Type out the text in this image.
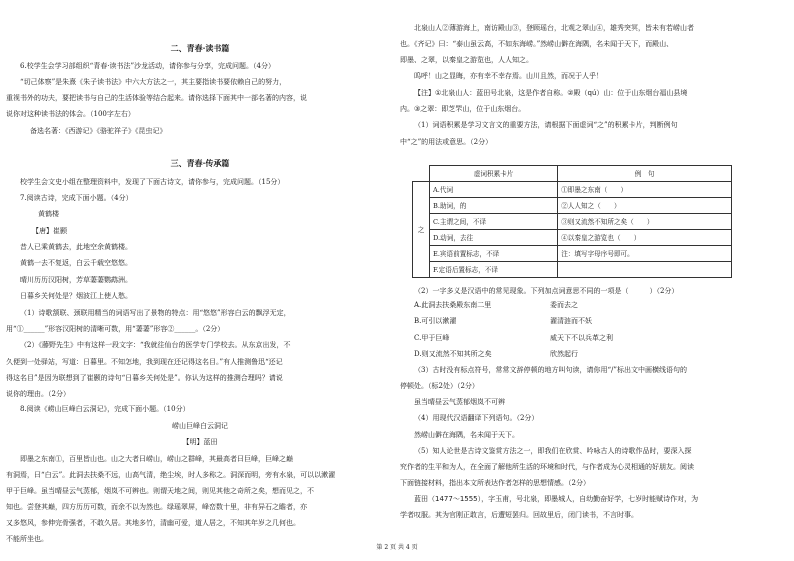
二、青春·读书篇
6.校学生会学习部组织“青春·读书法”沙龙活动，请你参与分享，完成问题。（4分）
“切己体察”是朱熹《朱子读书法》中六大方法之一，其主要指读书要依赖自己的努力，
重视书外的功夫，要把读书与自己的生活体验等结合起来。请你选择下面其中一部名著的内容，说
说你对这种读书法的体会。（100字左右）
备选名著：《西游记》《骆驼祥子》《昆虫记》
三、青春·传承篇
校学生会文史小组在整理资料中，发现了下面古诗文，请你参与，完成问题。（15分）
7.阅读古诗，完成下面小题。（4分）
黄鹤楼
【唐】崔颢
昔人已乘黄鹤去，此地空余黄鹤楼。
黄鹤一去不复返，白云千载空悠悠。
晴川历历汉阳树，芳草萋萋鹦鹉洲。
日暮乡关何处是？烟波江上使人愁。
（1）诗歌颔联、颈联用精当的词语写出了景物的特点：用“悠悠”形容白云的飘浮无定，
用“①______”形容汉阳树的清晰可数，用“萋萋”形容②______。（2分）
（2）《藤野先生》中有这样一段文字：“我就往仙台的医学专门学校去。从东京出发，不
久便到一处驿站，写道：日暮里。不知怎地，我到现在还记得这名目。”有人推测鲁迅“还记
得这名目”是因为联想到了崔颢的诗句“日暮乡关何处是”。你认为这样的推测合理吗？请说
说你的理由。（2分）
8.阅读《崂山巨峰白云洞记》，完成下面小题。（10分）
崂山巨峰白云洞记
【明】蓝田
即墨之东南①，百里皆山也。山之大者曰崂山，崂山之群峰，其最高者曰巨峰，巨峰之巅
有洞焉，曰“白云”。此洞去扶桑不远，山高气清，绝尘埃，时人多称之。洞深而明，旁有水泉，可以以漱濯
甲于巨峰。虽当晴昼云气蒸郁，烟岚不可辨也。则谓天地之间，则见其他之奇所之矣，想而见之，不
知也。尝登其巅，四方历历可数，而余不以为然也。绿瑶翠屏，峰峦数十里，非有异石之瞻者，亦
又多悠风，参伸完骨强者，不敢久居。其地多竹，清幽可爱，道人居之，不知其年岁之几何也。
不能所坐也。
北泉山人②薄游海上，南访殿山③，登顾瑶台，北观之翠山④，雄秀突冥，皆未有若崂山者
也。《齐记》曰：“泰山虽云高，不如东海崂。”然崂山僻在海隅，名未闻于天下，而殿山、
即墨、之翠，以秦皇之游览也，人人知之。
呜呼！山之显晦，亦有幸不幸存焉。山川且然，而况于人乎！
【注】①北泉山人：蓝田号北泉，这是作者自称。②殿（qú）山：位于山东烟台福山县境
内。③之翠：即芝罘山，位于山东烟台。
（1）词语积累是学习文言文的重要方法，请根据下面虚词“之”的积累卡片，判断例句
中“之”的用法或意思。（2分）
	虚词积累卡片	例　句
之	A.代词	①即墨之东南（　　）
	B.助词，的	②人人知之（　　）
	C.主谓之间，不译	③则又流然不知所之矣（　　）
	D.动词，去往	④以秦皇之游览也（　　）
	E.宾语前置标志，不译	注：填写字母序号即可。
	F.定语后置标志，不译	
（2）一字多义是汉语中的常见现象。下列加点词意思不同的一项是（　　　）（2分）
A.此洞去扶桑殿东南二里	委而去之
B.可引以漱濯	濯清涟而不妖
C.甲于巨峰	威天下不以兵革之利
D.则又流然不知其所之矣	欣然起行
（3）古时没有标点符号，常常文辞停顿的地方叫句读，请你用“/”标出文中画横线语句的
停顿处。（标2处）（2分）
虽当晴昼云气蒸郁烟岚不可辨
（4）用现代汉语翻译下列语句。（2分）
然崂山僻在海隅，名未闻于天下。
（5）知人论世是古诗文鉴赏方法之一，即我们在欣赏、吟咏古人的诗歌作品时，要深入探
究作者的生平和为人，在全面了解他所生活的环境和时代，与作者成为心灵相通的好朋友。阅读
下面链接材料，指出本文所表达作者怎样的思想情感。（2分）
蓝田（1477～1555），字玉甫，号北泉，即墨城人，自幼勤奋好学，七岁时能赋诗作对，为
学者叹服。其为官刚正敢言，后遭短罢归。回故里后，闭门读书，不言时事。
第 2 页 共 4 页
